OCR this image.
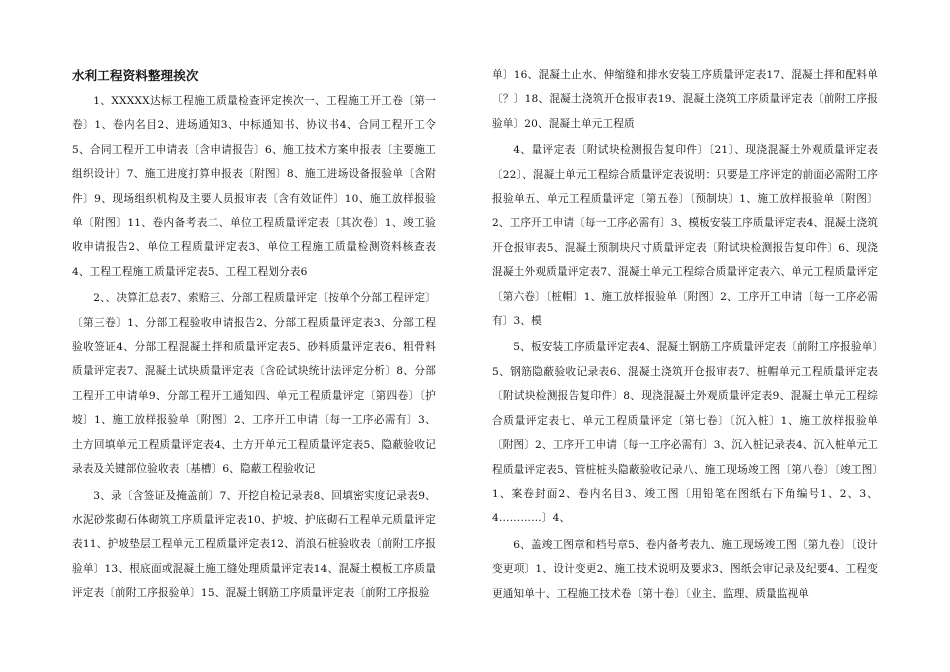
水利工程资料整理挨次

1、XXXXX达标工程施工质量检查评定挨次一、工程施工开工卷〔第一卷〕1、卷内名目2、进场通知3、中标通知书、协议书4、合同工程开工令5、合同工程开工申请表〔含申请报告〕6、施工技术方案申报表〔主要施工组织设计〕7、施工进度打算申报表〔附图〕8、施工进场设备报验单〔含附件〕9、现场组织机构及主要人员报审表〔含有效证件〕10、施工放样报验单〔附图〕11、卷内备考表二、单位工程质量评定表〔其次卷〕1、竣工验收申请报告2、单位工程质量评定表3、单位工程施工质量检测资料核查表4、工程工程施工质量评定表5、工程工程划分表6

2、、决算汇总表7、索赔三、分部工程质量评定〔按单个分部工程评定〕〔第三卷〕1、分部工程验收申请报告2、分部工程质量评定表3、分部工程验收签证4、分部工程混凝土拌和质量评定表5、砂料质量评定表6、粗骨料质量评定表7、混凝土试块质量评定表〔含砼试块统计法评定分析〕8、分部工程开工申请单9、分部工程开工通知四、单元工程质量评定〔第四卷〕〔护坡〕1、施工放样报验单〔附图〕2、工序开工申请〔每一工序必需有〕3、土方回填单元工程质量评定表4、土方开单元工程质量评定表5、隐蔽验收记录表及关键部位验收表〔基槽〕6、隐蔽工程验收记

3、录〔含签证及掩盖前〕7、开挖自检记录表8、回填密实度记录表9、水泥砂浆砌石体砌筑工序质量评定表10、护坡、护底砌石工程单元质量评定表11、护坡垫层工程单元工程质量评定表12、消浪石桩验收表〔前附工序报验单〕13、根底面或混凝土施工缝处理质量评定表14、混凝土模板工序质量评定表〔前附工序报验单〕15、混凝土钢筋工序质量评定表〔前附工序报验

单〕16、混凝土止水、伸缩缝和排水安装工序质量评定表17、混凝土拌和配料单〔？〕18、混凝土浇筑开仓报审表19、混凝土浇筑工序质量评定表〔前附工序报验单〕20、混凝土单元工程质

4、量评定表〔附试块检测报告复印件〕〔21〕、现浇混凝土外观质量评定表〔22〕、混凝土单元工程综合质量评定表说明：只要是工序评定的前面必需附工序报验单五、单元工程质量评定〔第五卷〕〔预制块〕1、施工放样报验单〔附图〕2、工序开工申请〔每一工序必需有〕3、模板安装工序质量评定表4、混凝土浇筑开仓报审表5、混凝土预制块尺寸质量评定表〔附试块检测报告复印件〕6、现浇混凝土外观质量评定表7、混凝土单元工程综合质量评定表六、单元工程质量评定〔第六卷〕〔桩帽〕1、施工放样报验单〔附图〕2、工序开工申请〔每一工序必需有〕3、模

5、板安装工序质量评定表4、混凝土钢筋工序质量评定表〔前附工序报验单〕5、钢筋隐蔽验收记录表6、混凝土浇筑开仓报审表7、桩帽单元工程质量评定表〔附试块检测报告复印件〕8、现浇混凝土外观质量评定表9、混凝土单元工程综合质量评定表七、单元工程质量评定〔第七卷〕〔沉入桩〕1、施工放样报验单〔附图〕2、工序开工申请〔每一工序必需有〕3、沉入桩记录表4、沉入桩单元工程质量评定表5、管桩桩头隐蔽验收记录八、施工现场竣工图〔第八卷〕〔竣工图〕1、案卷封面2、卷内名目3、竣工图〔用铅笔在图纸右下角编号1、2、3、4…………〕4、

6、盖竣工图章和档号章5、卷内备考表九、施工现场竣工图〔第九卷〕〔设计变更项〕1、设计变更2、施工技术说明及要求3、图纸会审记录及纪要4、工程变更通知单十、工程施工技术卷〔第十卷〕〔业主、监理、质量监视单
